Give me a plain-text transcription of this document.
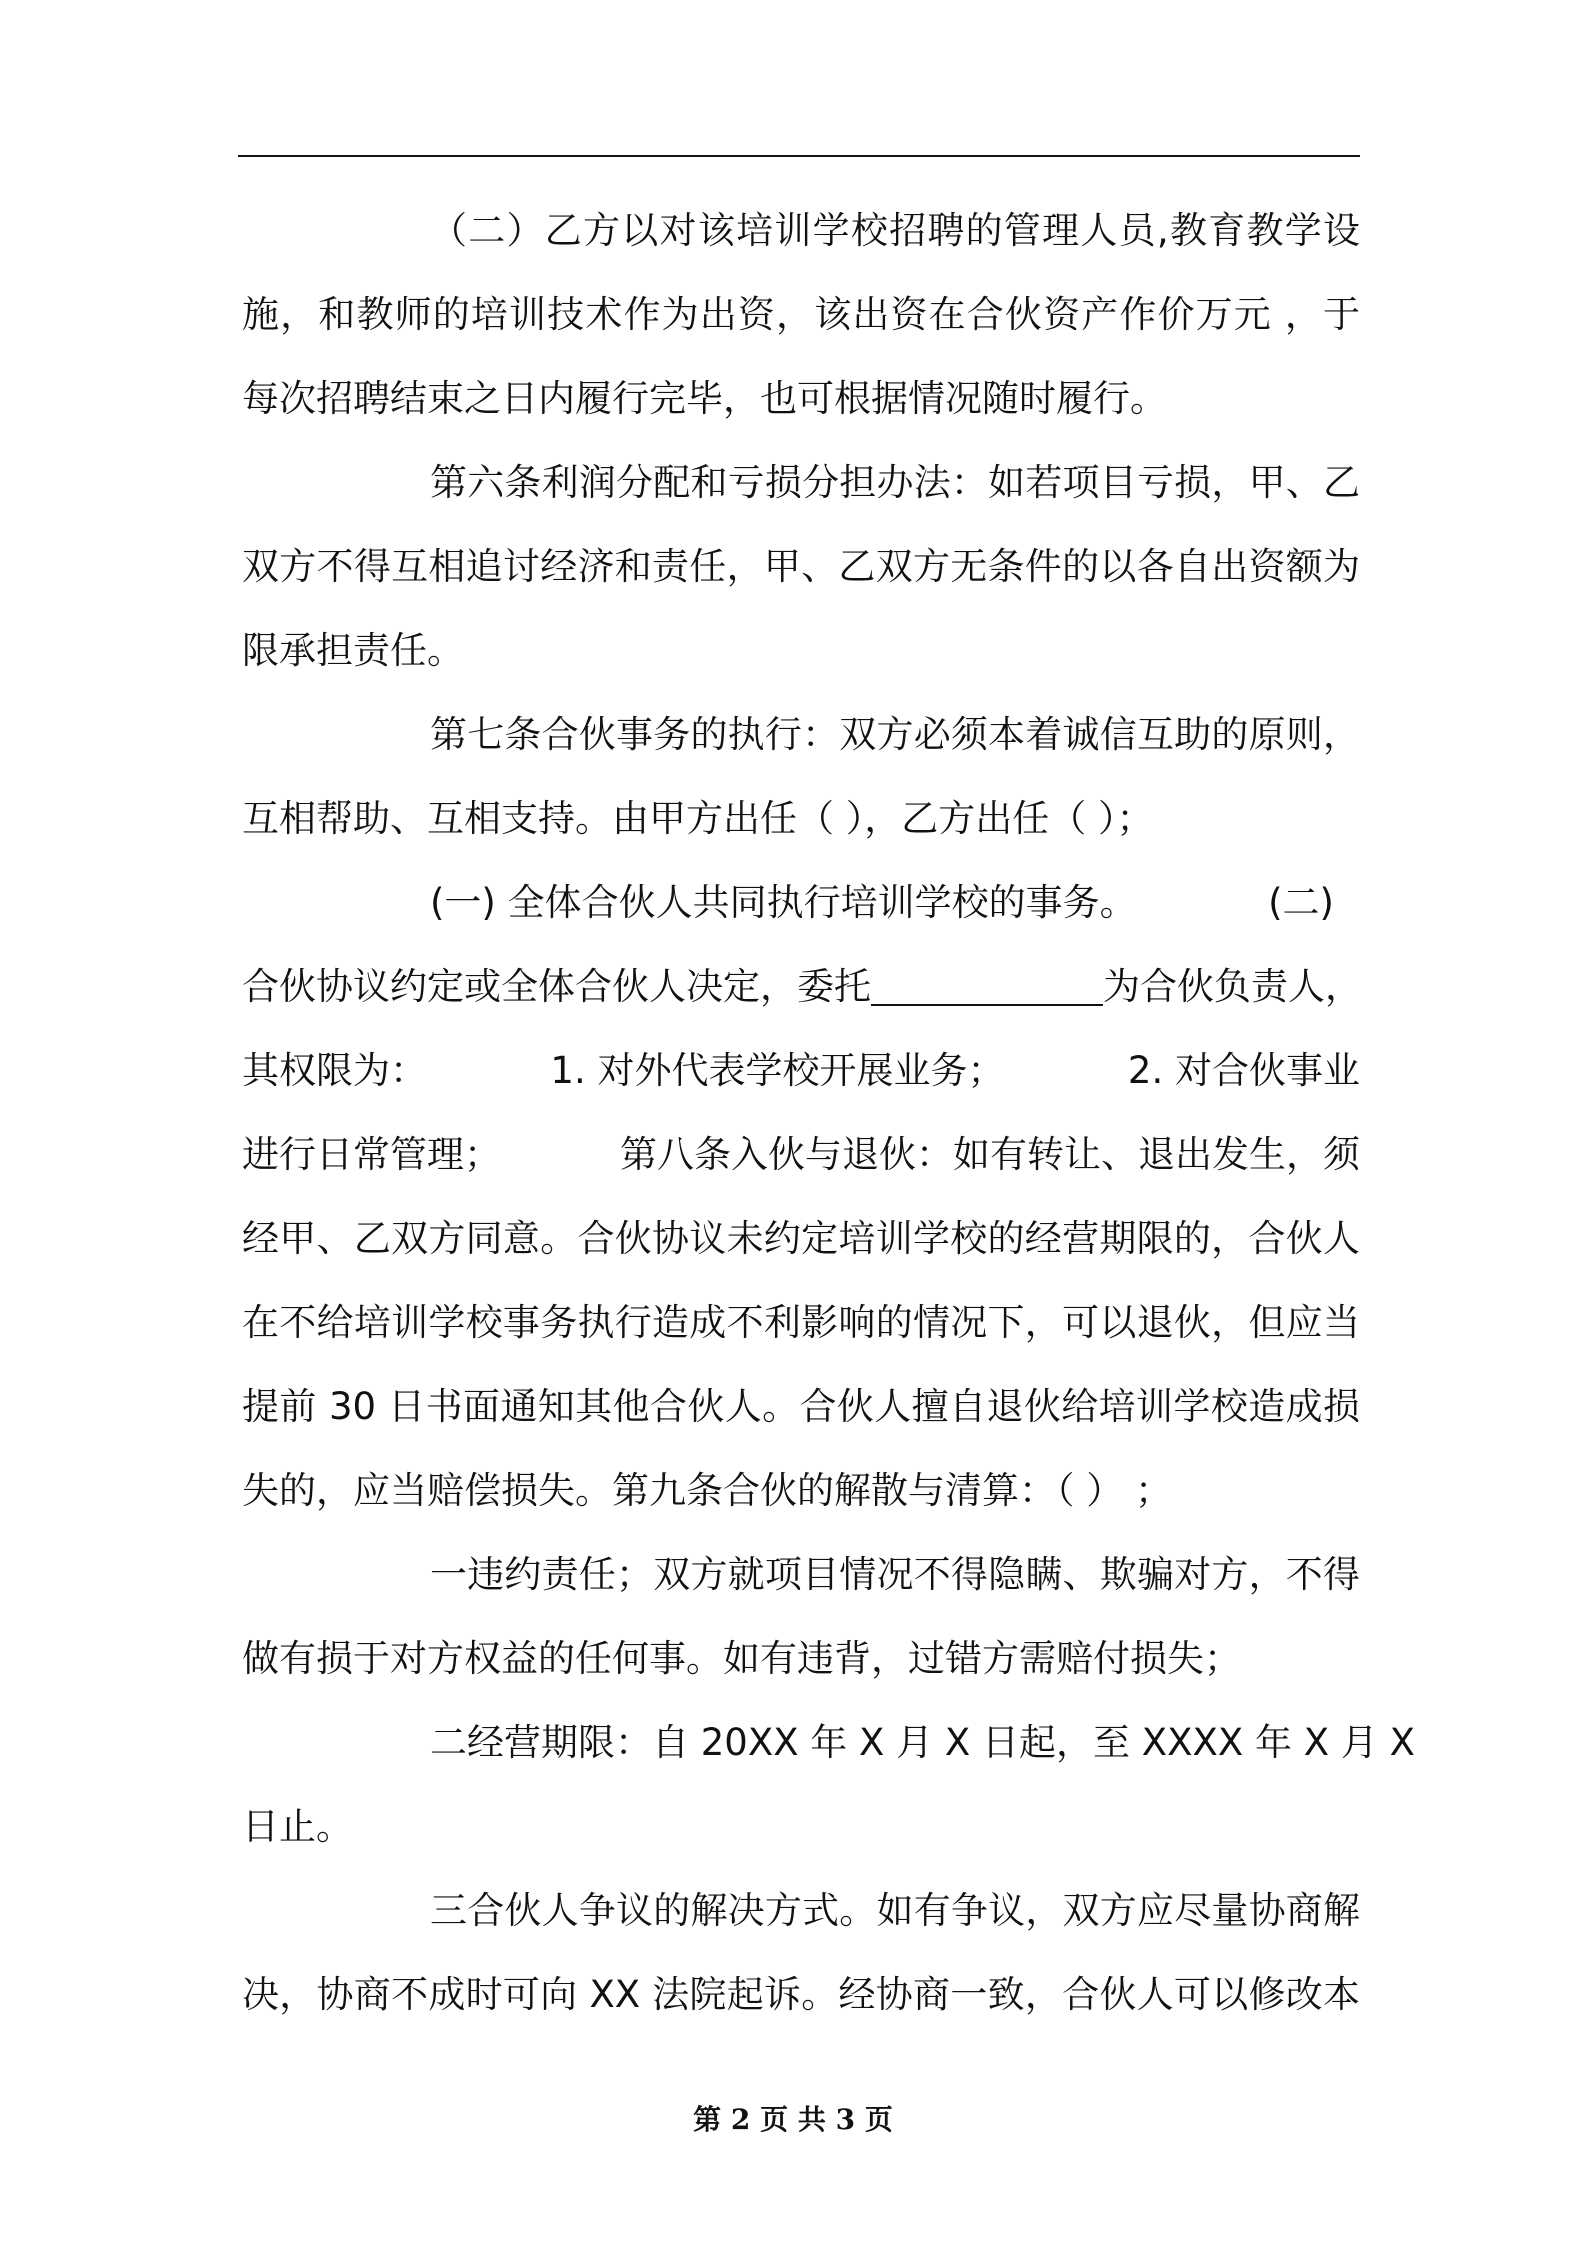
（二）乙方以对该培训学校招聘的管理人员,教育教学设
施，和教师的培训技术作为出资，该出资在合伙资产作价万元 ，于
每次招聘结束之日内履行完毕，也可根据情况随时履行。
第六条利润分配和亏损分担办法：如若项目亏损，甲、乙
双方不得互相追讨经济和责任，甲、乙双方无条件的以各自出资额为
限承担责任。
第七条合伙事务的执行：双方必须本着诚信互助的原则，
互相帮助、互相支持。由甲方出任（ ），乙方出任（ ）；
(一) 全体合伙人共同执行培训学校的事务。	(二)
合伙协议约定或全体合伙人决定，委托	为合伙负责人，
其权限为：	1. 对外代表学校开展业务；	2. 对合伙事业
进行日常管理；	第八条入伙与退伙：如有转让、退出发生，须
经甲、乙双方同意。合伙协议未约定培训学校的经营期限的，合伙人
在不给培训学校事务执行造成不利影响的情况下，可以退伙，但应当
提前 30 日书面通知其他合伙人。合伙人擅自退伙给培训学校造成损
失的，应当赔偿损失。第九条合伙的解散与清算：（ ） ；
一违约责任；双方就项目情况不得隐瞒、欺骗对方，不得
做有损于对方权益的任何事。如有违背，过错方需赔付损失；
二经营期限：自 20XX 年 X 月 X 日起，至 XXXX 年 X 月 X
日止。
三合伙人争议的解决方式。如有争议，双方应尽量协商解
决，协商不成时可向 XX 法院起诉。经协商一致，合伙人可以修改本
第 2 页 共 3 页
